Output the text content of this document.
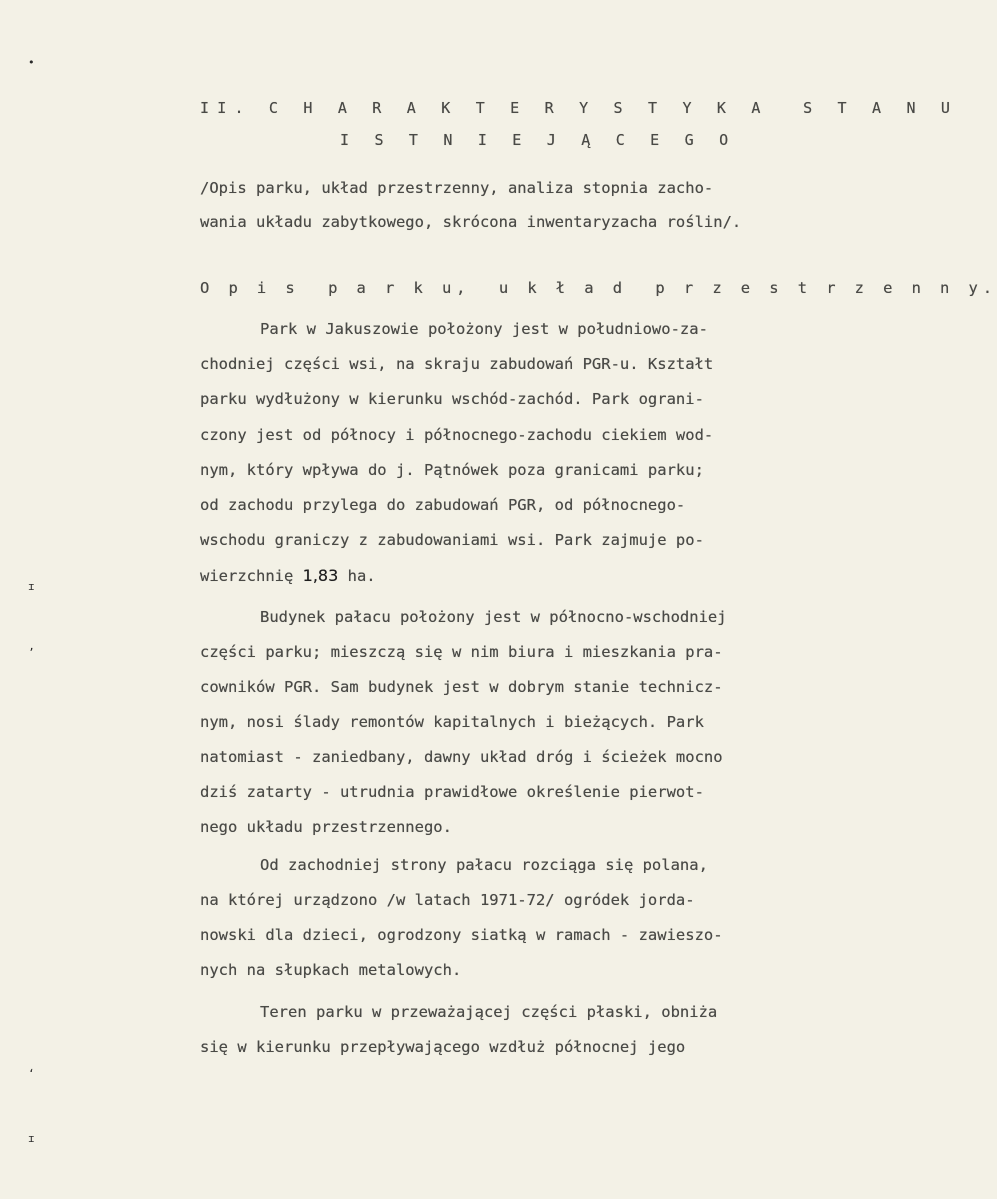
•
ɪ
ʼ
ʻ
ɪ
II. C H A R A K T E R Y S T Y K A  S T A N U
I S T N I E J Ą C E G O
/Opis parku, układ przestrzenny, analiza stopnia zacho-
wania układu zabytkowego, skrócona inwentaryzacha roślin/.
O p i s  p a r k u,  u k ł a d  p r z e s t r z e n n y.
Park w Jakuszowie położony jest w południowo-za-
chodniej części wsi, na skraju zabudowań PGR-u. Kształt
parku wydłużony w kierunku wschód-zachód. Park ograni-
czony jest od północy i północnego-zachodu ciekiem wod-
nym, który wpływa do j. Pątnówek poza granicami parku;
od zachodu przylega do zabudowań PGR, od północnego-
wschodu graniczy z zabudowaniami wsi. Park zajmuje po-
wierzchnię 1,83 ha.
Budynek pałacu położony jest w północno-wschodniej
części parku; mieszczą się w nim biura i mieszkania pra-
cowników PGR. Sam budynek jest w dobrym stanie technicz-
nym, nosi ślady remontów kapitalnych i bieżących. Park
natomiast - zaniedbany, dawny układ dróg i ścieżek mocno
dziś zatarty - utrudnia prawidłowe określenie pierwot-
nego układu przestrzennego.
Od zachodniej strony pałacu rozciąga się polana,
na której urządzono /w latach 1971-72/ ogródek jorda-
nowski dla dzieci, ogrodzony siatką w ramach - zawieszo-
nych na słupkach metalowych.
Teren parku w przeważającej części płaski, obniża
się w kierunku przepływającego wzdłuż północnej jego
